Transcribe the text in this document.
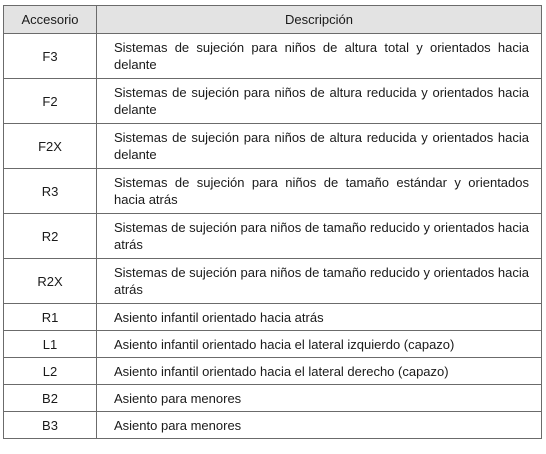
Accesorio	Descripción
F3	Sistemas de sujeción para niños de altura total y orientados hacia delante
F2	Sistemas de sujeción para niños de altura reducida y orientados hacia delante
F2X	Sistemas de sujeción para niños de altura reducida y orientados hacia delante
R3	Sistemas de sujeción para niños de tamaño estándar y orientados hacia atrás
R2	Sistemas de sujeción para niños de tamaño reducido y orientados hacia atrás
R2X	Sistemas de sujeción para niños de tamaño reducido y orientados hacia atrás
R1	Asiento infantil orientado hacia atrás
L1	Asiento infantil orientado hacia el lateral izquierdo (capazo)
L2	Asiento infantil orientado hacia el lateral derecho (capazo)
B2	Asiento para menores
B3	Asiento para menores
